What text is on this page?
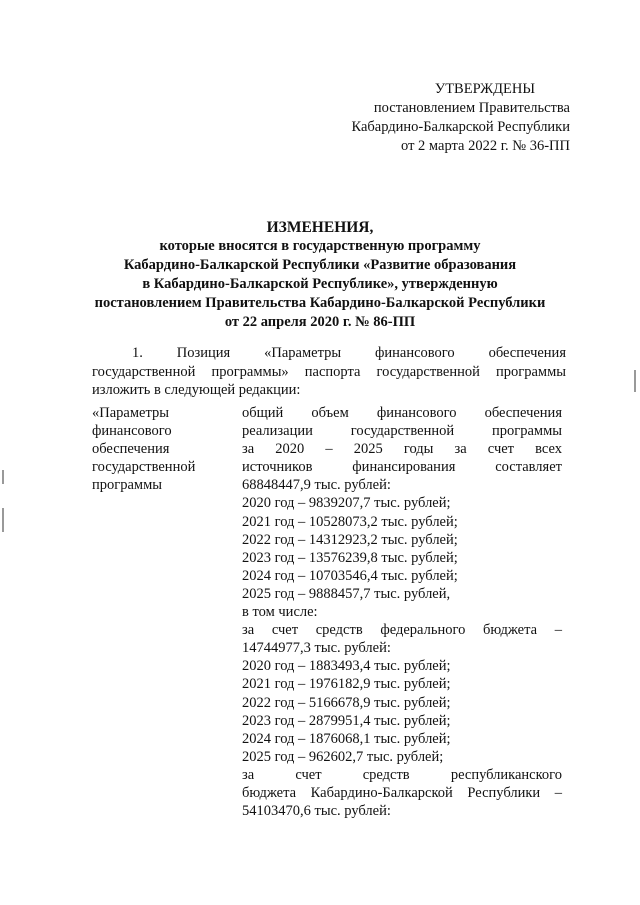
УТВЕРЖДЕНЫ
постановлением Правительства
Кабардино-Балкарской Республики
от 2 марта 2022 г. № 36-ПП
ИЗМЕНЕНИЯ,
которые вносятся в государственную программу
Кабардино-Балкарской Республики «Развитие образования
в Кабардино-Балкарской Республике», утвержденную
постановлением Правительства Кабардино-Балкарской Республики
от 22 апреля 2020 г. № 86-ПП
1. Позиция «Параметры финансового обеспечения
государственной программы» паспорта государственной программы
изложить в следующей редакции:
«Параметры
финансового
обеспечения
государственной
программы
общий объем финансового обеспечения
реализации государственной программы
за 2020 – 2025 годы за счет всех
источников финансирования составляет
68848447,9 тыс. рублей:
2020 год – 9839207,7 тыс. рублей;
2021 год – 10528073,2 тыс. рублей;
2022 год – 14312923,2 тыс. рублей;
2023 год – 13576239,8 тыс. рублей;
2024 год – 10703546,4 тыс. рублей;
2025 год – 9888457,7 тыс. рублей,
в том числе:
за счет средств федерального бюджета –
14744977,3 тыс. рублей:
2020 год – 1883493,4 тыс. рублей;
2021 год – 1976182,9 тыс. рублей;
2022 год – 5166678,9 тыс. рублей;
2023 год – 2879951,4 тыс. рублей;
2024 год – 1876068,1 тыс. рублей;
2025 год – 962602,7 тыс. рублей;
за счет средств республиканского
бюджета Кабардино-Балкарской Республики –
54103470,6 тыс. рублей:
